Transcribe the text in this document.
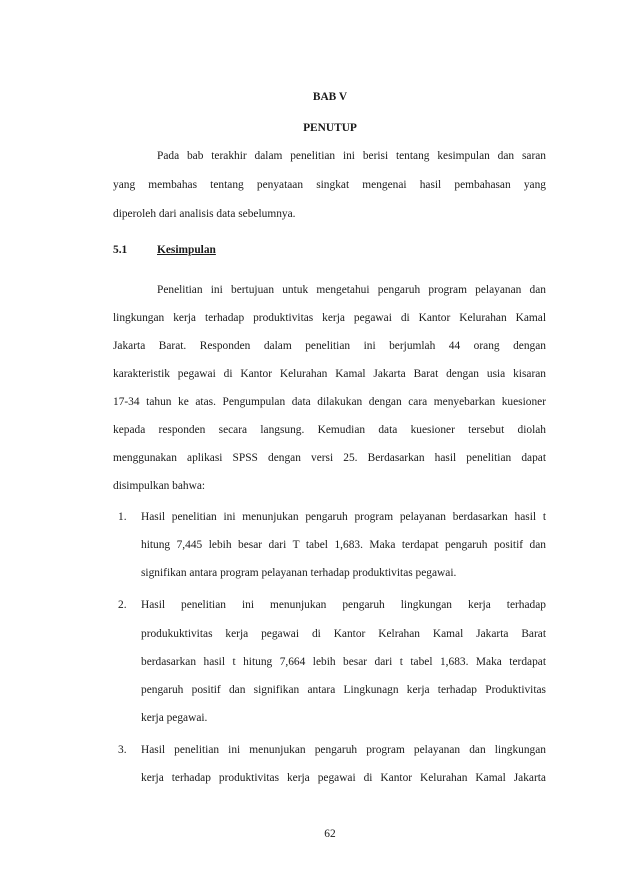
BAB V
PENUTUP
Pada bab terakhir dalam penelitian ini berisi tentang kesimpulan dan saran
yang membahas tentang penyataan singkat mengenai hasil pembahasan yang
diperoleh dari analisis data sebelumnya.
5.1	Kesimpulan
Penelitian ini bertujuan untuk mengetahui pengaruh program pelayanan dan
lingkungan kerja terhadap produktivitas kerja pegawai di Kantor Kelurahan Kamal
Jakarta Barat. Responden dalam penelitian ini berjumlah 44 orang dengan
karakteristik pegawai di Kantor Kelurahan Kamal Jakarta Barat dengan usia kisaran
17-34 tahun ke atas. Pengumpulan data dilakukan dengan cara menyebarkan kuesioner
kepada responden secara langsung. Kemudian data kuesioner tersebut diolah
menggunakan aplikasi SPSS dengan versi 25. Berdasarkan hasil penelitian dapat
disimpulkan bahwa:
1. Hasil penelitian ini menunjukan pengaruh program pelayanan berdasarkan hasil t
hitung 7,445 lebih besar dari T tabel 1,683. Maka terdapat pengaruh positif dan
signifikan antara program pelayanan terhadap produktivitas pegawai.
2. Hasil penelitian ini menunjukan pengaruh lingkungan kerja terhadap
produkuktivitas kerja pegawai di Kantor Kelrahan Kamal Jakarta Barat
berdasarkan hasil t hitung 7,664 lebih besar dari t tabel 1,683. Maka terdapat
pengaruh positif dan signifikan antara Lingkunagn kerja terhadap Produktivitas
kerja pegawai.
3. Hasil penelitian ini menunjukan pengaruh program pelayanan dan lingkungan
kerja terhadap produktivitas kerja pegawai di Kantor Kelurahan Kamal Jakarta
62
